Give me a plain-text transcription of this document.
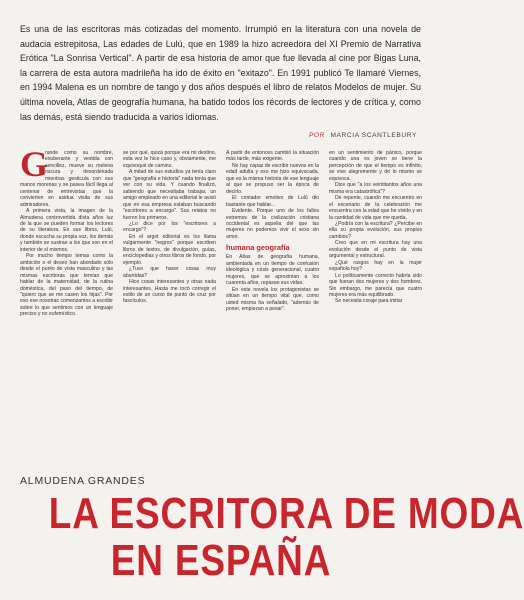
Es una de las escritoras más cotizadas del momento. Irrumpió en la literatura con una novela de audacia estrepitosa, Las edades de Lulú, que en 1989 la hizo acreedora del XI Premio de Narrativa Erótica "La Sonrisa Vertical". A partir de esa historia de amor que fue llevada al cine por Bigas Luna, la carrera de esta autora madrileña ha ido de éxito en "exitazo". En 1991 publicó Te llamaré Viernes, en 1994 Malena es un nombre de tango y dos años después el libro de relatos Modelos de mujer. Su última novela, Atlas de geografía humana, ha batido todos los récords de lectores y de crítica y, como las demás, está siendo traducida a varios idiomas.
POR MARCIA SCANTLEBURY
G

rande como su nombre, exuberante y vestida con sencillez, mueve su melena oscura y desordenada mientras gesticula con sus manos morenas y se pasea fácil llega al centenar de entrevistas que la convierten en asidua visita de sus admiradores.

A primera vista, la imagen de la Almudena controvertida dista años luz de la que se pueden formar los lectores de su literatura. En sus libros, Lulú, donde escucha su propia voz, los demás y también se sustrae a los que son en el interior de sí mismos.

Por mucho tiempo temas como la ambición o el deseo han abordado sólo desde el punto de vista masculino y las mismas escritoras que temían que hablar de la maternidad, de la rutina doméstica, del paso del tiempo, de "quiero que se me casen los hijas". Por eso ese nosotras comenzamos a escribir sobre lo que sentimos con un lenguaje preciso y no eufemístico.

se por qué, quizá porque era mi destino, esta vez le hice caso y, obviamente, me equivoqué de camino.

A mitad de sus estudios ya tenía claro que "geografía e historia" nada tenía que ver con su vida. Y cuando finalizó, sabiendo que necesitaba trabajar, un amigo empleado en una editorial le avisó que en esa empresa estaban buscando "escritores a encargo". Sus relatos no fueron los primeros.

¿Lo dice por los "escritores a encargo"?

En el argot editorial es los llama vulgarmente "negros" porque escriben libros de textos, de divulgación, guías, enciclopedias y otros libros de fondo, por ejemplo.

¿Tuvo que hacer cosas muy aburridas?

Hice cosas interesantes y otras nada interesantes. Hasta me tocó corregir el estilo de un curso de punto de cruz por fascículos.

A partir de entonces cambió la situación más tarde, más exigente.

No hay capaz de escribir nuevos en la edad adulta y eso me hizo equivocada, que es la misma historia de ese lenguaje al que se propuso ser la época de decirlo.

El contador emotivo de Lulú dio bastante que hablar...

Evidente. Porque uno de los fallos extremos de la civilización cristiana occidental es aquella del que las mujeres no podemos vivir el sexo sin amor.

humana geografía

En Atlas de geografía humana, ambientada en un tiempo de confusión ideológica y crisis generacional, cuatro mujeres, que se aproximan a los cuarenta años, repasan sus vidas.

En este novela los protagonistas se sitúan en un tiempo vital que, como usted misma ha señalado, "además de poner, empiezan a pesar".

en un sentimiento de pánico, porque cuando una es joven se tiene la percepción de que el tiempo es infinito, se vive alegremente y de lo mismo se equivoca.

Dice que "a los veintitantos años una misma era catastrófica"?

De repente, cuando me encuentro en el escenario de la celebración me encuentra con la edad que he vivido y en la cantidad de vida que me queda.

¿Podría con la escritura? ¿Percibe en ella su propia evolución, sus propios cambios?

Creo que en mi escritura hay una evolución desde el punto de vista argumental y estructural.

¿Qué rasgos hay en la mujer española hoy?

Lo políticamente correcto habría sido que fueran dos mujeres y dos hombres. Sin embargo, me parecía que cuatro mujeres era más equilibrado.

Se necesita coraje para imitar

ALMUDENA GRANDES
LA ESCRITORA DE MODA
EN ESPAÑA
